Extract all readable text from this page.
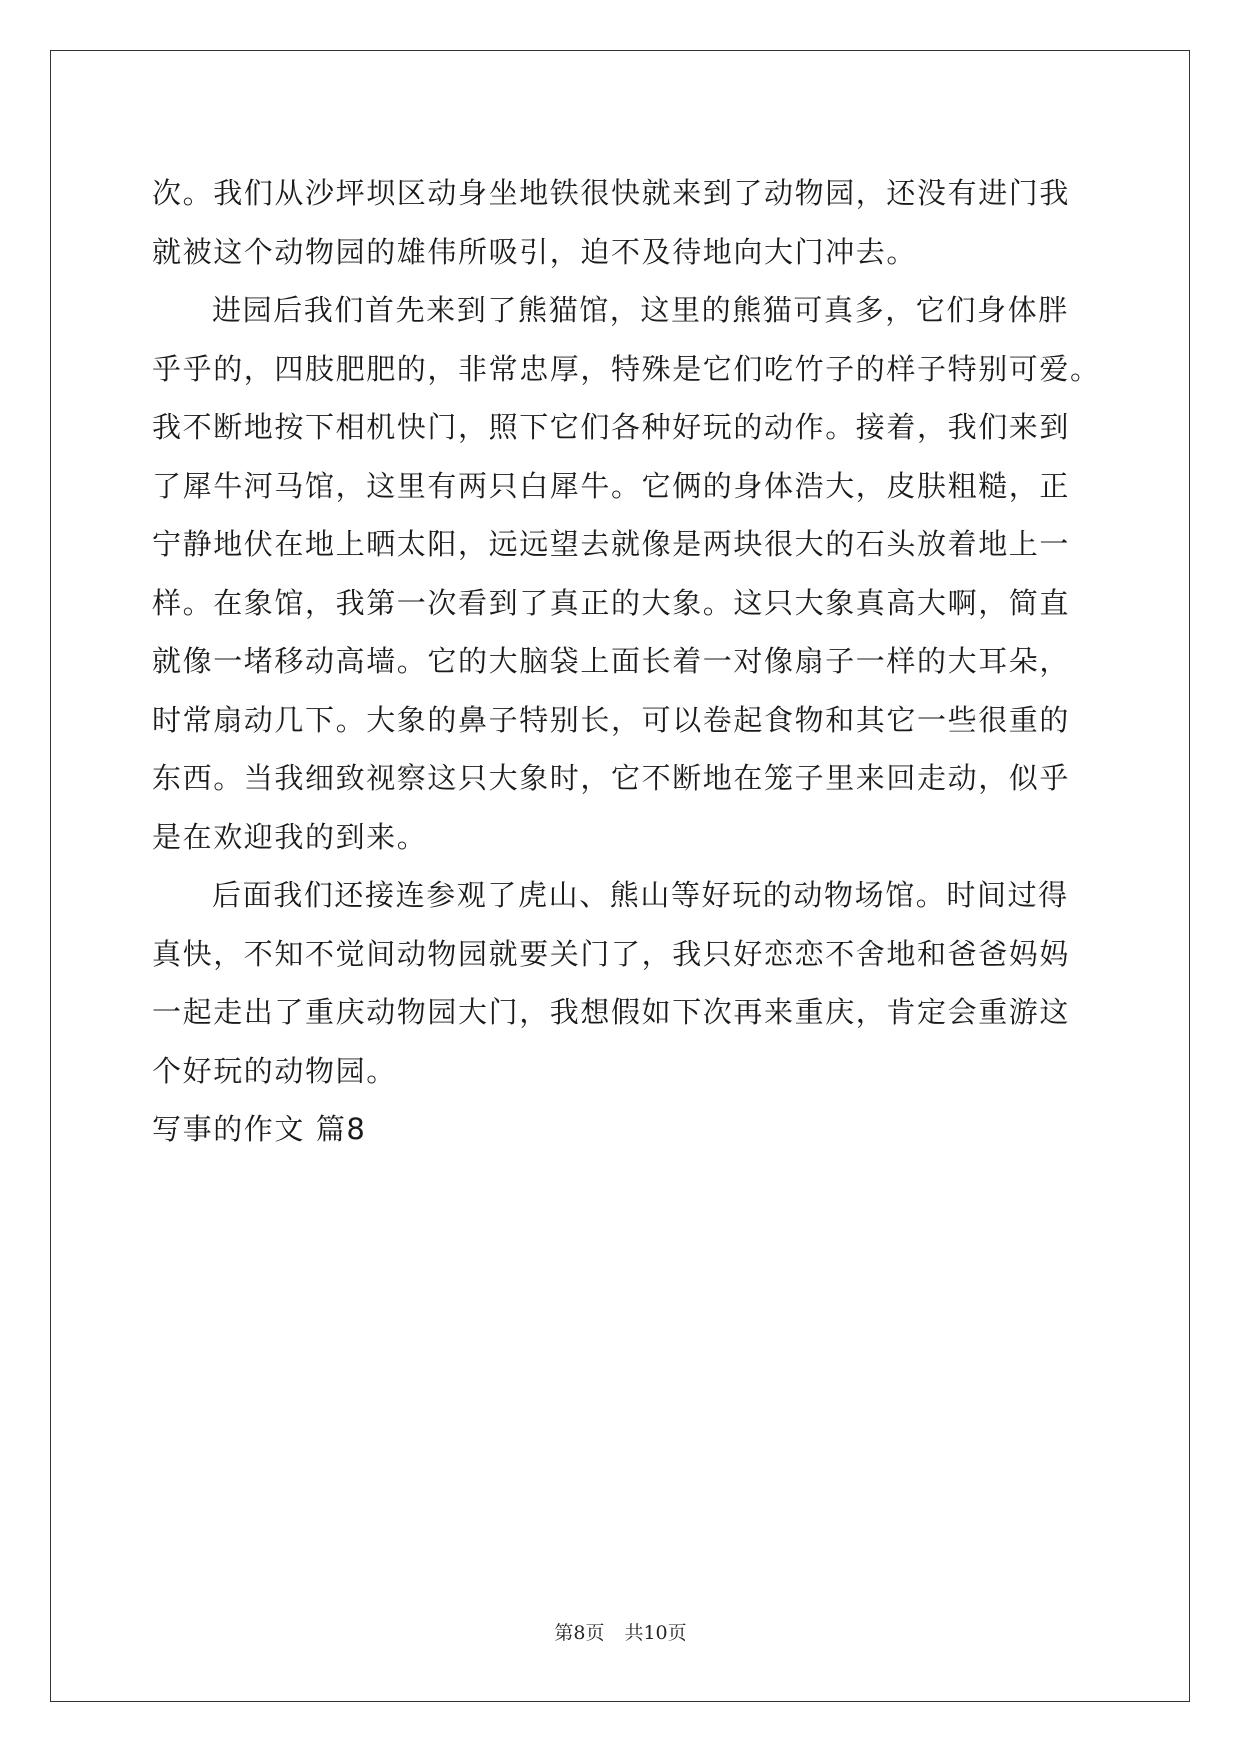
次。我们从沙坪坝区动身坐地铁很快就来到了动物园，还没有进门我
就被这个动物园的雄伟所吸引，迫不及待地向大门冲去。
进园后我们首先来到了熊猫馆，这里的熊猫可真多，它们身体胖
乎乎的，四肢肥肥的，非常忠厚，特殊是它们吃竹子的样子特别可爱。
我不断地按下相机快门，照下它们各种好玩的动作。接着，我们来到
了犀牛河马馆，这里有两只白犀牛。它俩的身体浩大，皮肤粗糙，正
宁静地伏在地上晒太阳，远远望去就像是两块很大的石头放着地上一
样。在象馆，我第一次看到了真正的大象。这只大象真高大啊，简直
就像一堵移动高墙。它的大脑袋上面长着一对像扇子一样的大耳朵，
时常扇动几下。大象的鼻子特别长，可以卷起食物和其它一些很重的
东西。当我细致视察这只大象时，它不断地在笼子里来回走动，似乎
是在欢迎我的到来。
后面我们还接连参观了虎山、熊山等好玩的动物场馆。时间过得
真快，不知不觉间动物园就要关门了，我只好恋恋不舍地和爸爸妈妈
一起走出了重庆动物园大门，我想假如下次再来重庆，肯定会重游这
个好玩的动物园。
写事的作文 篇8
第8页 共10页
